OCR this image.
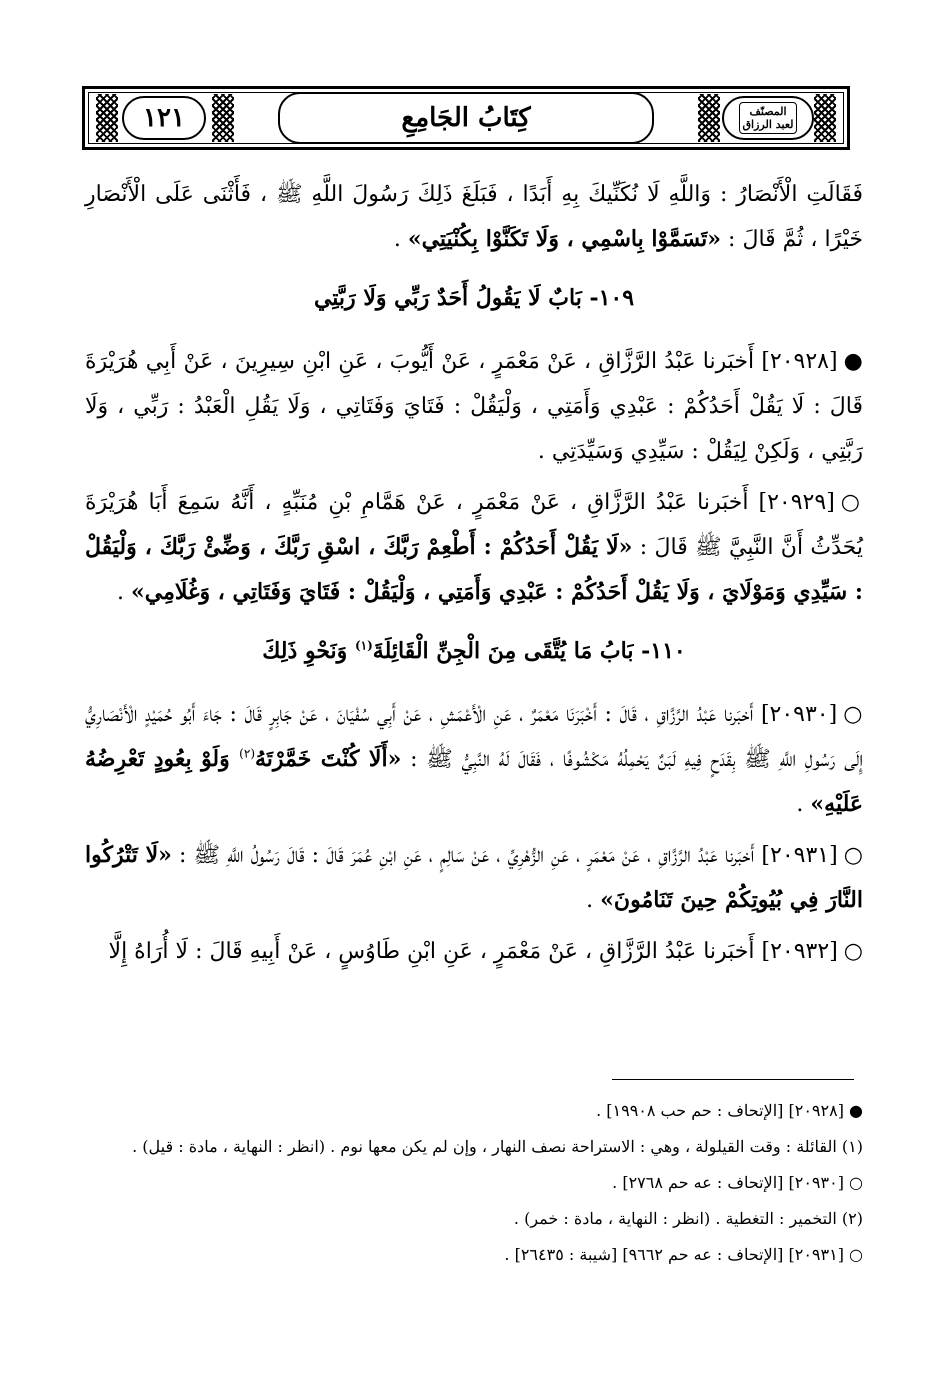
١٢١	كِتَابُ الجَامِعِ	المصنّف
لعبد الرزاق

فَقَالَتِ الْأَنْصَارُ : وَاللَّهِ لَا نُكَنِّيكَ بِهِ أَبَدًا ، فَبَلَغَ ذَلِكَ رَسُولَ اللَّهِ ﷺ ، فَأَثْنَى عَلَى الْأَنْصَارِ خَيْرًا ، ثُمَّ قَالَ : «تَسَمَّوْا بِاسْمِي ، وَلَا تَكَنَّوْا بِكُنْيَتِي» .

١٠٩- بَابٌ لَا يَقُولُ أَحَدٌ رَبِّي وَلَا رَبَّتِي

●[٢٠٩٢٨] أَخبَرنا عَبْدُ الرَّزَّاقِ ، عَنْ مَعْمَرٍ ، عَنْ أَيُّوبَ ، عَنِ ابْنِ سِيرِينَ ، عَنْ أَبِي هُرَيْرَةَ قَالَ : لَا يَقُلْ أَحَدُكُمْ : عَبْدِي وَأَمَتِي ، وَلْيَقُلْ : فَتَايَ وَفَتَاتِي ، وَلَا يَقُلِ الْعَبْدُ : رَبِّي ، وَلَا رَبَّتِي ، وَلَكِنْ لِيَقُلْ : سَيِّدِي وَسَيِّدَتِي .

○[٢٠٩٢٩] أَخبَرنا عَبْدُ الرَّزَّاقِ ، عَنْ مَعْمَرٍ ، عَنْ هَمَّامِ بْنِ مُنَبِّهٍ ، أَنَّهُ سَمِعَ أَبَا هُرَيْرَةَ يُحَدِّثُ أَنَّ النَّبِيَّ ﷺ قَالَ : «لَا يَقُلْ أَحَدُكُمْ : أَطْعِمْ رَبَّكَ ، اسْقِ رَبَّكَ ، وَضِّئْ رَبَّكَ ، وَلْيَقُلْ : سَيِّدِي وَمَوْلَايَ ، وَلَا يَقُلْ أَحَدُكُمْ : عَبْدِي وَأَمَتِي ، وَلْيَقُلْ : فَتَايَ وَفَتَاتِي ، وَغُلَامِي» .

١١٠- بَابُ مَا يُتَّقَى مِنَ الْجِنِّ الْقَائِلَةَ$^{(١)}$ وَنَحْوِ ذَلِكَ

○[٢٠٩٣٠] أَخبَرنا عَبْدُ الرَّزَّاقِ ، قَالَ : أَخْبَرَنَا مَعْمَرٌ ، عَنِ الْأَعْمَشِ ، عَنْ أَبِي سُفْيَانَ ، عَنْ جَابِرٍ قَالَ : جَاءَ أَبُو حُمَيْدٍ الْأَنْصَارِيُّ إِلَى رَسُولِ اللَّهِ ﷺ بِقَدَحٍ فِيهِ لَبَنٌ يَحْمِلُهُ مَكْشُوفًا ، فَقَالَ لَهُ النَّبِيُّ ﷺ : «أَلَا كُنْتَ خَمَّرْتَهُ$^{(٢)}$ وَلَوْ بِعُودٍ تَعْرِضُهُ عَلَيْهِ» .

○[٢٠٩٣١] أَخبَرنا عَبْدُ الرَّزَّاقِ ، عَنْ مَعْمَرٍ ، عَنِ الزُّهْرِيِّ ، عَنْ سَالِمٍ ، عَنِ ابْنِ عُمَرَ قَالَ : قَالَ رَسُولُ اللَّهِ ﷺ : «لَا تَتْرُكُوا النَّارَ فِي بُيُوتِكُمْ حِينَ تَنَامُونَ» .

○[٢٠٩٣٢] أَخبَرنا عَبْدُ الرَّزَّاقِ ، عَنْ مَعْمَرٍ ، عَنِ ابْنِ طَاوُسٍ ، عَنْ أَبِيهِ قَالَ : لَا أُرَاهُ إِلَّا

● [٢٠٩٢٨] [الإتحاف : حم حب ١٩٩٠٨] .

(١) القائلة : وقت القيلولة ، وهي : الاستراحة نصف النهار ، وإن لم يكن معها نوم . (انظر : النهاية ، مادة : قيل) .

○ [٢٠٩٣٠] [الإتحاف : عه حم ٢٧٦٨] .

(٢) التخمير : التغطية . (انظر : النهاية ، مادة : خمر) .

○ [٢٠٩٣١] [الإتحاف : عه حم ٩٦٦٢] [شيبة : ٢٦٤٣٥] .
